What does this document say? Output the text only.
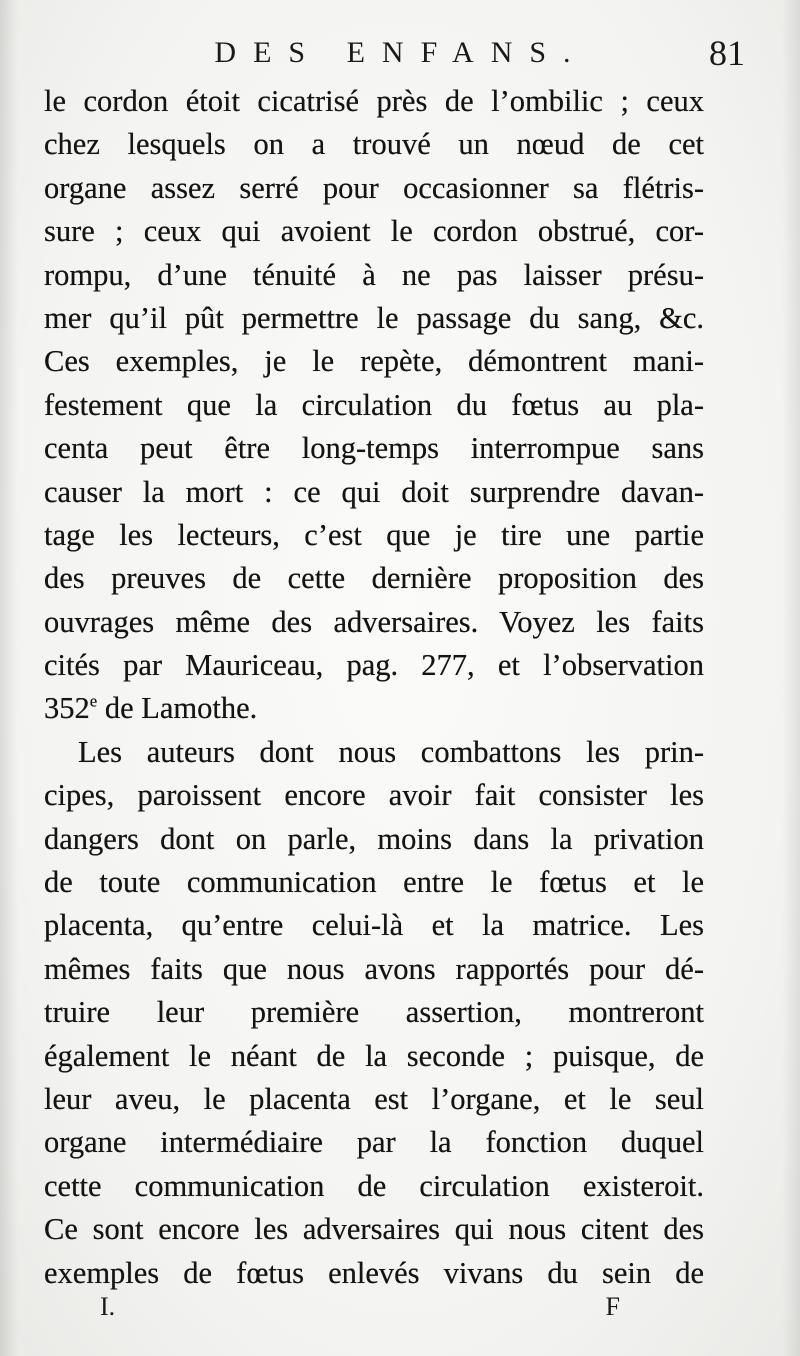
DES ENFANS.	81
le cordon étoit cicatrisé près de l’ombilic ; ceux
chez lesquels on a trouvé un nœud de cet
organe assez serré pour occasionner sa flétris-
sure ; ceux qui avoient le cordon obstrué, cor-
rompu, d’une ténuité à ne pas laisser présu-
mer qu’il pût permettre le passage du sang, &c.
Ces exemples, je le repète, démontrent mani-
festement que la circulation du fœtus au pla-
centa peut être long-temps interrompue sans
causer la mort : ce qui doit surprendre davan-
tage les lecteurs, c’est que je tire une partie
des preuves de cette dernière proposition des
ouvrages même des adversaires. Voyez les faits
cités par Mauriceau, pag. 277, et l’observation
352e de Lamothe.
Les auteurs dont nous combattons les prin-
cipes, paroissent encore avoir fait consister les
dangers dont on parle, moins dans la privation
de toute communication entre le fœtus et le
placenta, qu’entre celui-là et la matrice. Les
mêmes faits que nous avons rapportés pour dé-
truire leur première assertion, montreront
également le néant de la seconde ; puisque, de
leur aveu, le placenta est l’organe, et le seul
organe intermédiaire par la fonction duquel
cette communication de circulation existeroit.
Ce sont encore les adversaires qui nous citent des
exemples de fœtus enlevés vivans du sein de
I.	F
